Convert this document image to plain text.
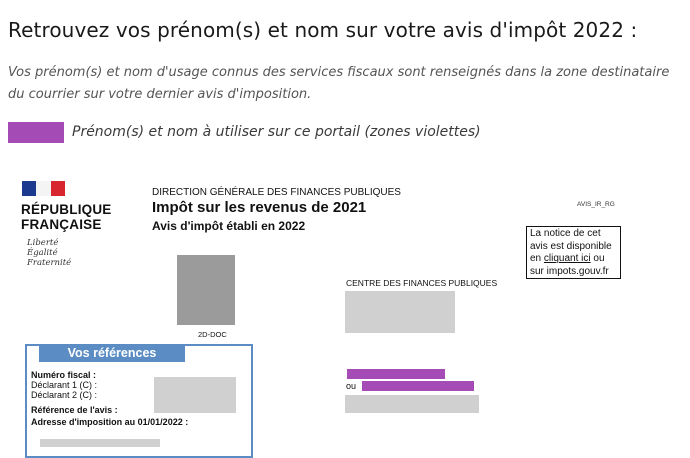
Retrouvez vos prénom(s) et nom sur votre avis d'impôt 2022 :
Vos prénom(s) et nom d'usage connus des services fiscaux sont renseignés dans la zone destinataire du courrier sur votre dernier avis d'imposition.
Prénom(s) et nom à utiliser sur ce portail (zones violettes)
RÉPUBLIQUE
FRANÇAISE
Liberté
Égalité
Fraternité
DIRECTION GÉNÉRALE DES FINANCES PUBLIQUES
Impôt sur les revenus de 2021
Avis d'impôt établi en 2022
AVIS_IR_RG
La notice de cet
avis est disponible
en cliquant ici ou
sur impots.gouv.fr
2D-DOC
CENTRE DES FINANCES PUBLIQUES
ou
Vos références
Numéro fiscal :
Déclarant 1 (C) :
Déclarant 2 (C) :
Référence de l'avis :
Adresse d'imposition au 01/01/2022 :
